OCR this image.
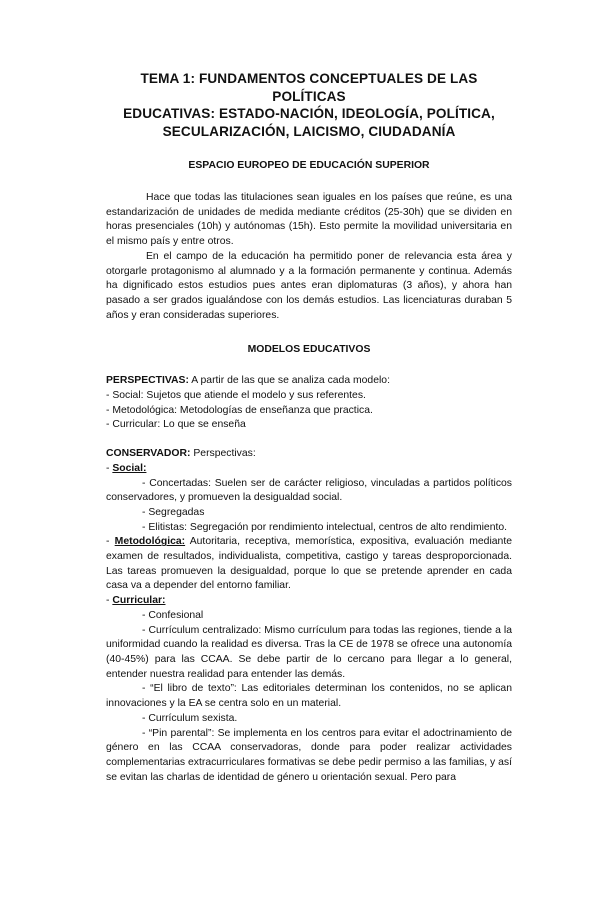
TEMA 1: FUNDAMENTOS CONCEPTUALES DE LAS POLÍTICAS
EDUCATIVAS: ESTADO-NACIÓN, IDEOLOGÍA, POLÍTICA,
SECULARIZACIÓN, LAICISMO, CIUDADANÍA
ESPACIO EUROPEO DE EDUCACIÓN SUPERIOR

Hace que todas las titulaciones sean iguales en los países que reúne, es una estandarización de unidades de medida mediante créditos (25-30h) que se dividen en horas presenciales (10h) y autónomas (15h). Esto permite la movilidad universitaria en el mismo país y entre otros.

En el campo de la educación ha permitido poner de relevancia esta área y otorgarle protagonismo al alumnado y a la formación permanente y continua. Además ha dignificado estos estudios pues antes eran diplomaturas (3 años), y ahora han pasado a ser grados igualándose con los demás estudios. Las licenciaturas duraban 5 años y eran consideradas superiores.

MODELOS EDUCATIVOS
PERSPECTIVAS: A partir de las que se analiza cada modelo:
- Social: Sujetos que atiende el modelo y sus referentes.
- Metodológica: Metodologías de enseñanza que practica.
- Curricular: Lo que se enseña
CONSERVADOR: Perspectivas:
- Social:

- Concertadas: Suelen ser de carácter religioso, vinculadas a partidos políticos conservadores, y promueven la desigualdad social.

- Segregadas

- Elitistas: Segregación por rendimiento intelectual, centros de alto rendimiento.

- Metodológica: Autoritaria, receptiva, memorística, expositiva, evaluación mediante examen de resultados, individualista, competitiva, castigo y tareas desproporcionada. Las tareas promueven la desigualdad, porque lo que se pretende aprender en cada casa va a depender del entorno familiar.

- Curricular:
- Confesional

- Currículum centralizado: Mismo currículum para todas las regiones, tiende a la uniformidad cuando la realidad es diversa. Tras la CE de 1978 se ofrece una autonomía (40-45%) para las CCAA. Se debe partir de lo cercano para llegar a lo general, entender nuestra realidad para entender las demás.

- “El libro de texto”: Las editoriales determinan los contenidos, no se aplican innovaciones y la EA se centra solo en un material.

- Currículum sexista.

- “Pin parental”: Se implementa en los centros para evitar el adoctrinamiento de género en las CCAA conservadoras, donde para poder realizar actividades complementarias extracurriculares formativas se debe pedir permiso a las familias, y así se evitan las charlas de identidad de género u orientación sexual. Pero para
